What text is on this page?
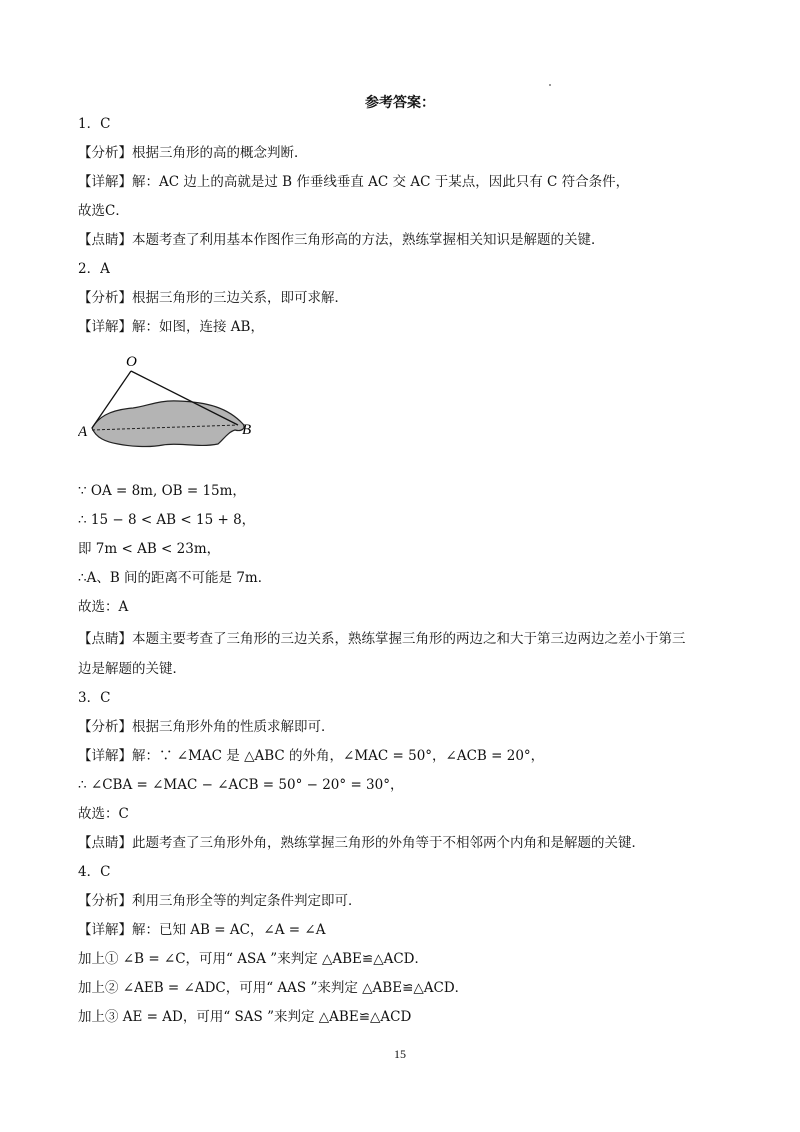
参考答案：
1．C
【分析】根据三角形的高的概念判断．
【详解】解：AC 边上的高就是过 B 作垂线垂直 AC 交 AC 于某点，因此只有 C 符合条件，
故选C．
【点睛】本题考查了利用基本作图作三角形高的方法，熟练掌握相关知识是解题的关键．
2．A
【分析】根据三角形的三边关系，即可求解．
【详解】解：如图，连接 AB，
O
A	B
∵ OA = 8m, OB = 15m，
∴ 15 − 8 < AB < 15 + 8，
即 7m < AB < 23m，
∴A、B 间的距离不可能是 7m．
故选：A
【点睛】本题主要考查了三角形的三边关系，熟练掌握三角形的两边之和大于第三边两边之差小于第三
边是解题的关键．
3．C
【分析】根据三角形外角的性质求解即可．
【详解】解：∵ ∠MAC 是 △ABC 的外角，∠MAC = 50°，∠ACB = 20°，
∴ ∠CBA = ∠MAC − ∠ACB = 50° − 20° = 30°，
故选：C
【点睛】此题考查了三角形外角，熟练掌握三角形的外角等于不相邻两个内角和是解题的关键．
4．C
【分析】利用三角形全等的判定条件判定即可．
【详解】解：已知 AB = AC，∠A = ∠A
加上① ∠B = ∠C，可用“ ASA ”来判定 △ABE≌△ACD．
加上② ∠AEB = ∠ADC，可用“ AAS ”来判定 △ABE≌△ACD．
加上③ AE = AD，可用“ SAS ”来判定 △ABE≌△ACD
15
